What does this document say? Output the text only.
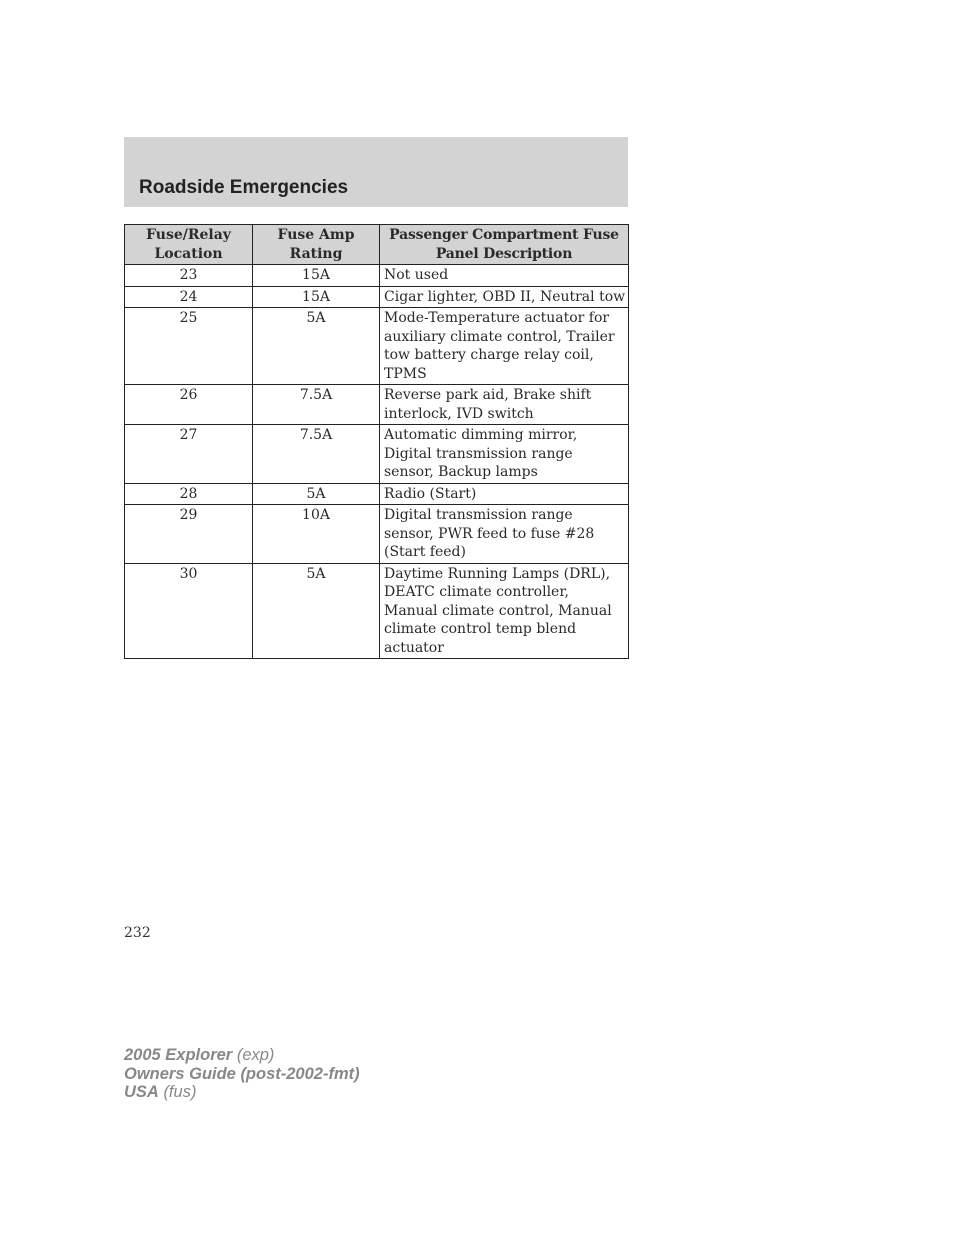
Roadside Emergencies
Fuse/Relay Location	Fuse Amp Rating	Passenger Compartment Fuse Panel Description
23	15A	Not used
24	15A	Cigar lighter, OBD II, Neutral tow
25	5A	Mode-Temperature actuator for auxiliary climate control, Trailer tow battery charge relay coil, TPMS
26	7.5A	Reverse park aid, Brake shift interlock, IVD switch
27	7.5A	Automatic dimming mirror, Digital transmission range sensor, Backup lamps
28	5A	Radio (Start)
29	10A	Digital transmission range sensor, PWR feed to fuse #28 (Start feed)
30	5A	Daytime Running Lamps (DRL), DEATC climate controller, Manual climate control, Manual climate control temp blend actuator
232
2005 Explorer (exp)
Owners Guide (post-2002-fmt)
USA (fus)
